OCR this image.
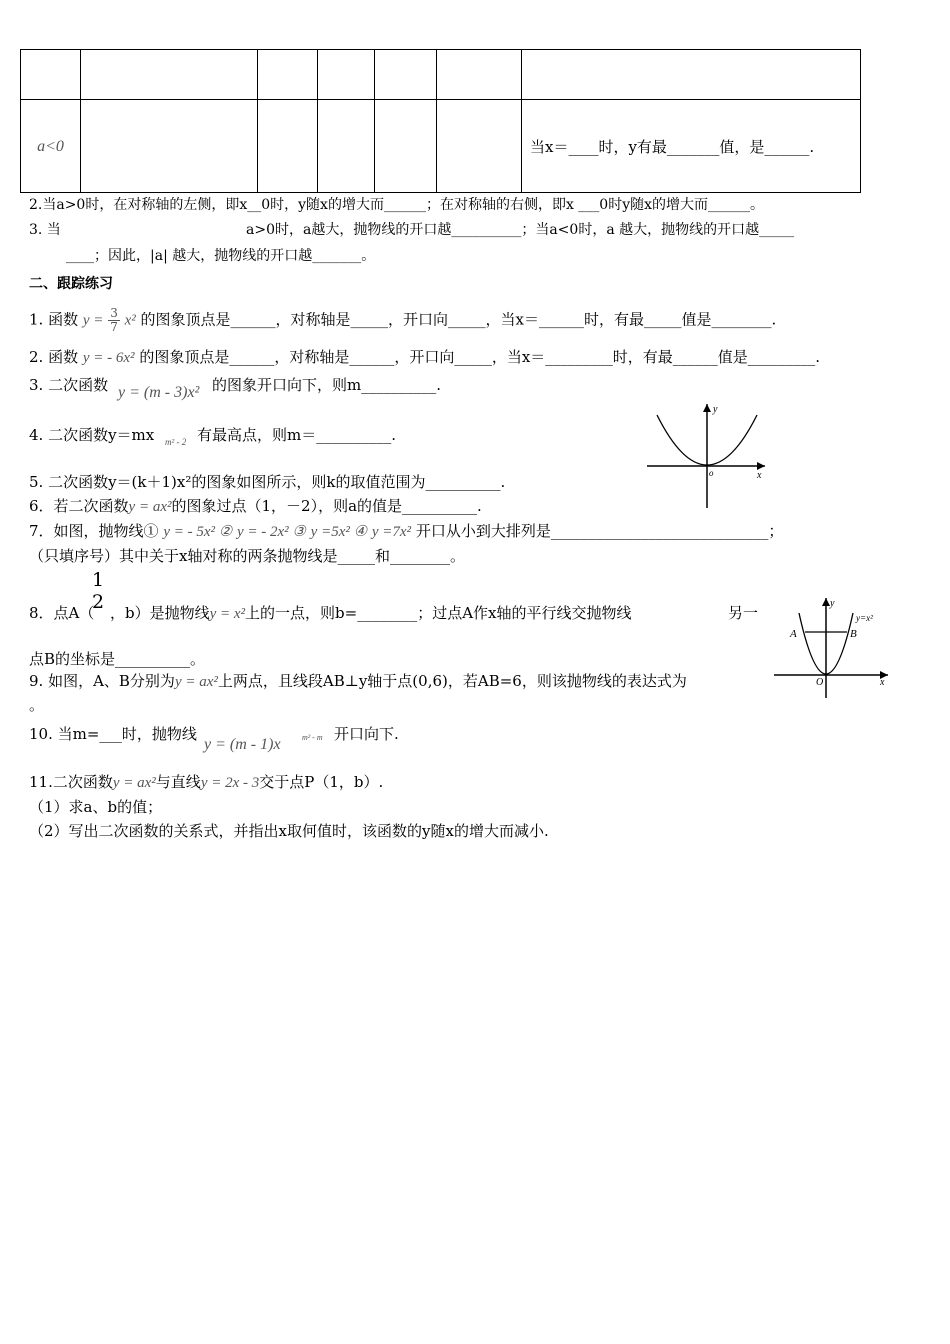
a<0						当x＝____时，y有最_______值，是______.
2.当a>0时，在对称轴的左侧，即x__0时，y随x的增大而______；在对称轴的右侧，即x ___0时y随x的增大而______。
3. 当	a>0时，a越大，抛物线的开口越__________；当a<0时，a 越大，抛物线的开口越_____
____；因此，|a| 越大，抛物线的开口越_______。
二、跟踪练习
1. 函数 $y = \frac{3}{7} x^2$ 的图象顶点是______，对称轴是_____，开口向_____，当x＝______时，有最_____值是________.
2. 函数 y = - 6x² 的图象顶点是______，对称轴是______，开口向_____，当x＝_________时，有最______值是_________.
3. 二次函数 y = (m - 3)x² 的图象开口向下，则m__________.
4. 二次函数y＝mx m² - 2 有最高点，则m＝__________.
o	x
y
5. 二次函数y＝(k＋1)x²的图象如图所示，则k的取值范围为__________.
6．若二次函数y = ax²的图象过点（1，－2），则a的值是__________.
7．如图，抛物线① y = - 5x² ② y = - 2x² ③ y =5x² ④ y =7x² 开口从小到大排列是_____________________________；
（只填序号）其中关于x轴对称的两条抛物线是_____和________。
8．点A（
1
2 ，b）是抛物线y = x²上的一点，则b=________；过点A作x轴的平行线交抛物线	另一
点B的坐标是__________。
A	B
O	x
y
y=x²
9. 如图，A、B分别为y = ax²上两点，且线段AB⊥y轴于点(0,6)，若AB=6，则该抛物线的表达式为
。
10. 当m=___时，抛物线
y = (m - 1)x	m² - m 开口向下.
11.二次函数y = ax²与直线y = 2x - 3交于点P（1，b）.
（1）求a、b的值；
（2）写出二次函数的关系式，并指出x取何值时，该函数的y随x的增大而减小.
